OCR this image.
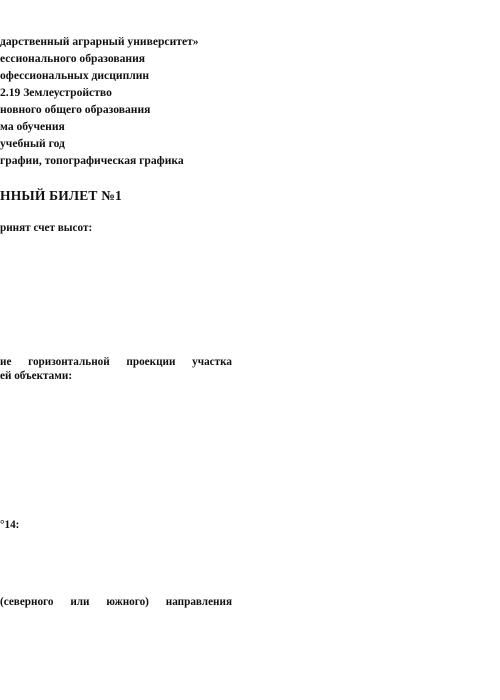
дарственный аграрный университет»
ессионального образования
офессиональных дисциплин
2.19 Землеустройство
новного общего образования
ма обучения
учебный год
графии, топографическая графика
ННЫЙ БИЛЕТ №1
ринят счет высот:
ие горизонтальной проекции участка
ей объектами:
°14:
(северного или южного) направления
